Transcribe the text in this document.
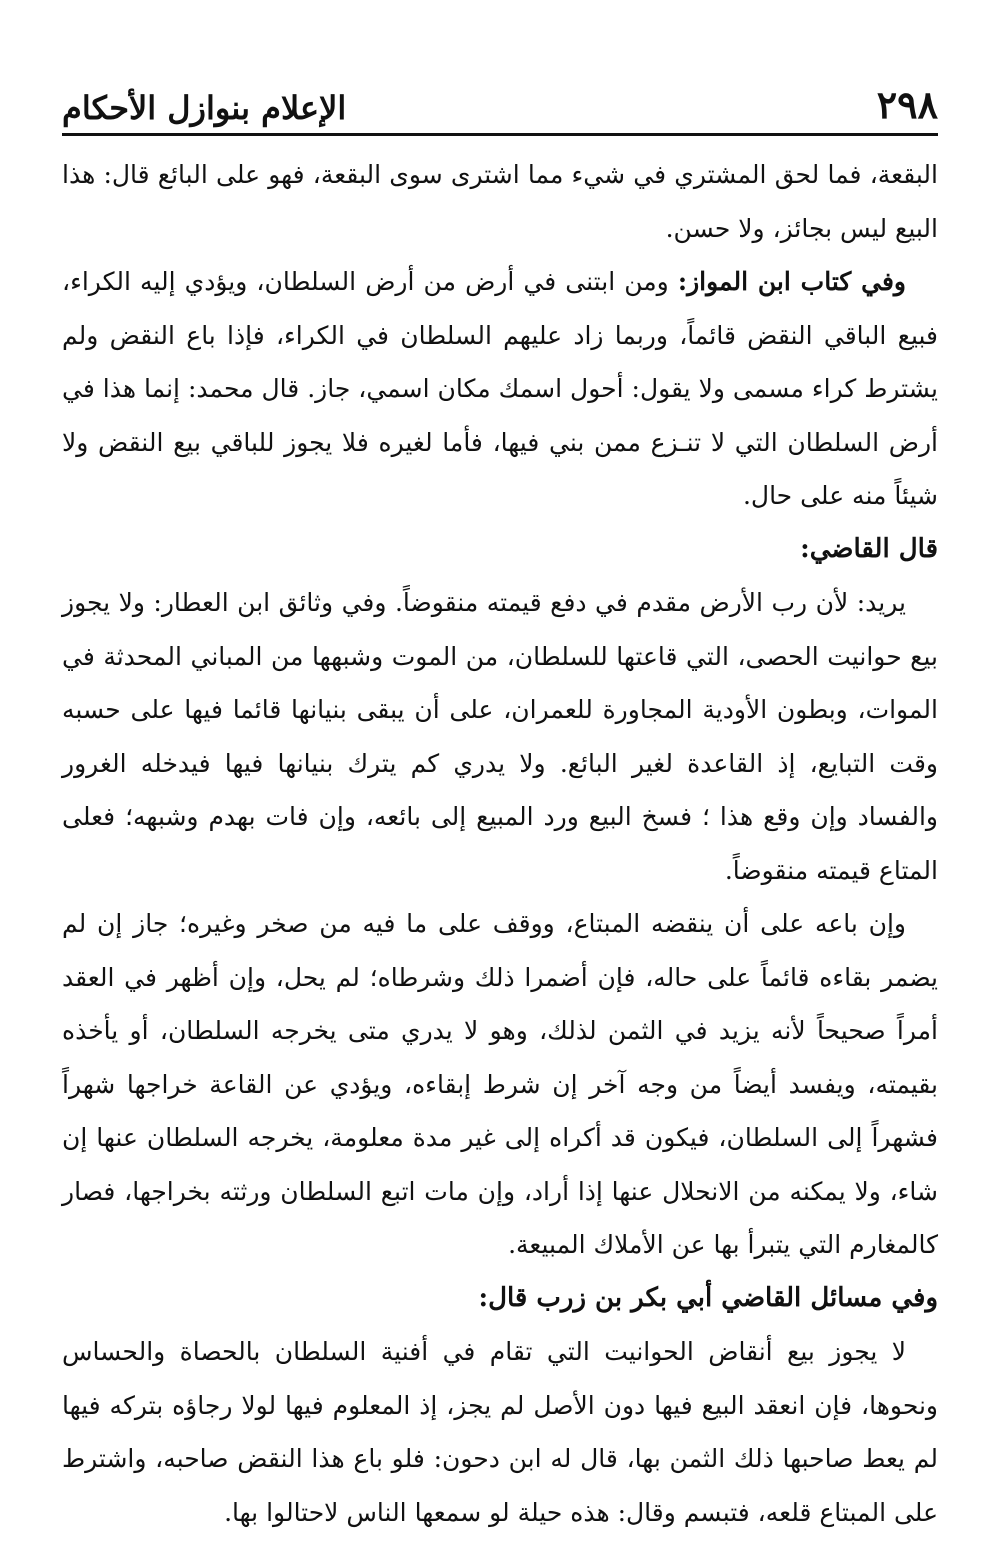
٢٩٨
الإعلام بنوازل الأحكام

البقعة، فما لحق المشتري في شيء مما اشترى سوى البقعة، فهو على البائع قال: هذا البيع ليس بجائز، ولا حسن.

وفي كتاب ابن المواز: ومن ابتنى في أرض من أرض السلطان، ويؤدي إليه الكراء، فبيع الباقي النقض قائماً، وربما زاد عليهم السلطان في الكراء، فإذا باع النقض ولم يشترط كراء مسمى ولا يقول: أحول اسمك مكان اسمي، جاز. قال محمد: إنما هذا في أرض السلطان التي لا تنـزع ممن بني فيها، فأما لغيره فلا يجوز للباقي بيع النقض ولا شيئاً منه على حال.

قال القاضي:

يريد: لأن رب الأرض مقدم في دفع قيمته منقوضاً. وفي وثائق ابن العطار: ولا يجوز بيع حوانيت الحصى، التي قاعتها للسلطان، من الموت وشبهها من المباني المحدثة في الموات، وبطون الأودية المجاورة للعمران، على أن يبقى بنيانها قائما فيها على حسبه وقت التبايع، إذ القاعدة لغير البائع. ولا يدري كم يترك بنيانها فيها فيدخله الغرور والفساد وإن وقع هذا ؛ فسخ البيع ورد المبيع إلى بائعه، وإن فات بهدم وشبهه؛ فعلى المتاع قيمته منقوضاً.

وإن باعه على أن ينقضه المبتاع، ووقف على ما فيه من صخر وغيره؛ جاز إن لم يضمر بقاءه قائماً على حاله، فإن أضمرا ذلك وشرطاه؛ لم يحل، وإن أظهر في العقد أمراً صحيحاً لأنه يزيد في الثمن لذلك، وهو لا يدري متى يخرجه السلطان، أو يأخذه بقيمته، ويفسد أيضاً من وجه آخر إن شرط إبقاءه، ويؤدي عن القاعة خراجها شهراً فشهراً إلى السلطان، فيكون قد أكراه إلى غير مدة معلومة، يخرجه السلطان عنها إن شاء، ولا يمكنه من الانحلال عنها إذا أراد، وإن مات اتبع السلطان ورثته بخراجها، فصار كالمغارم التي يتبرأ بها عن الأملاك المبيعة.

وفي مسائل القاضي أبي بكر بن زرب قال:

لا يجوز بيع أنقاض الحوانيت التي تقام في أفنية السلطان بالحصاة والحساس ونحوها، فإن انعقد البيع فيها دون الأصل لم يجز، إذ المعلوم فيها لولا رجاؤه بتركه فيها لم يعط صاحبها ذلك الثمن بها، قال له ابن دحون: فلو باع هذا النقض صاحبه، واشترط على المبتاع قلعه، فتبسم وقال: هذه حيلة لو سمعها الناس لاحتالوا بها.
